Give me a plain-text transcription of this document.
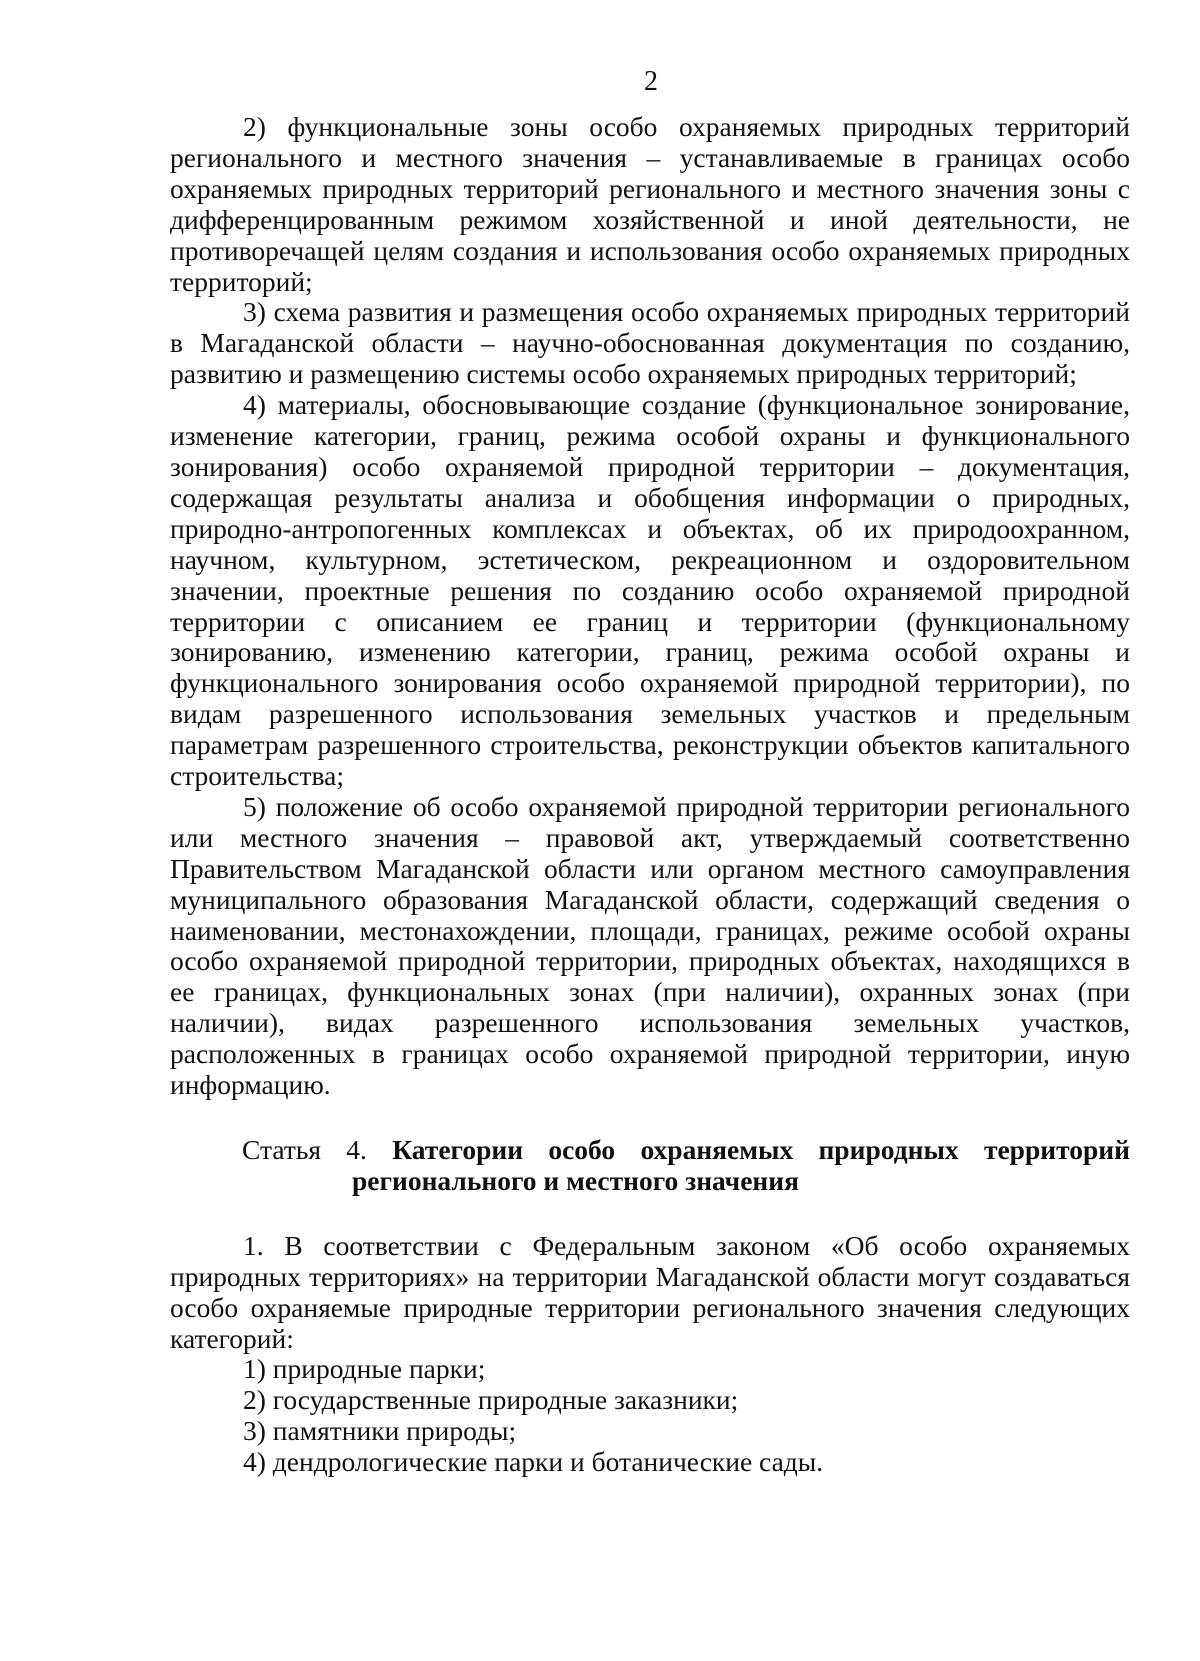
2

2) функциональные зоны особо охраняемых природных территорий регионального и местного значения – устанавливаемые в границах особо охраняемых природных территорий регионального и местного значения зоны с дифференцированным режимом хозяйственной и иной деятельности, не противоречащей целям создания и использования особо охраняемых природных территорий;

3) схема развития и размещения особо охраняемых природных территорий в Магаданской области – научно-обоснованная документация по созданию, развитию и размещению системы особо охраняемых природных территорий;

4) материалы, обосновывающие создание (функциональное зонирование, изменение категории, границ, режима особой охраны и функционального зонирования) особо охраняемой природной территории – документация, содержащая результаты анализа и обобщения информации о природных, природно-антропогенных комплексах и объектах, об их природоохранном, научном, культурном, эстетическом, рекреационном и оздоровительном значении, проектные решения по созданию особо охраняемой природной территории с описанием ее границ и территории (функциональному зонированию, изменению категории, границ, режима особой охраны и функционального зонирования особо охраняемой природной территории), по видам разрешенного использования земельных участков и предельным параметрам разрешенного строительства, реконструкции объектов капитального строительства;

5) положение об особо охраняемой природной территории регионального или местного значения – правовой акт, утверждаемый соответственно Правительством Магаданской области или органом местного самоуправления муниципального образования Магаданской области, содержащий сведения о наименовании, местонахождении, площади, границах, режиме особой охраны особо охраняемой природной территории, природных объектах, находящихся в ее границах, функциональных зонах (при наличии), охранных зонах (при наличии), видах разрешенного использования земельных участков, расположенных в границах особо охраняемой природной территории, иную информацию.

Статья 4. Категории особо охраняемых природных территорий регионального и местного значения

1. В соответствии с Федеральным законом «Об особо охраняемых природных территориях» на территории Магаданской области могут создаваться особо охраняемые природные территории регионального значения следующих категорий:

1) природные парки;

2) государственные природные заказники;

3) памятники природы;

4) дендрологические парки и ботанические сады.
